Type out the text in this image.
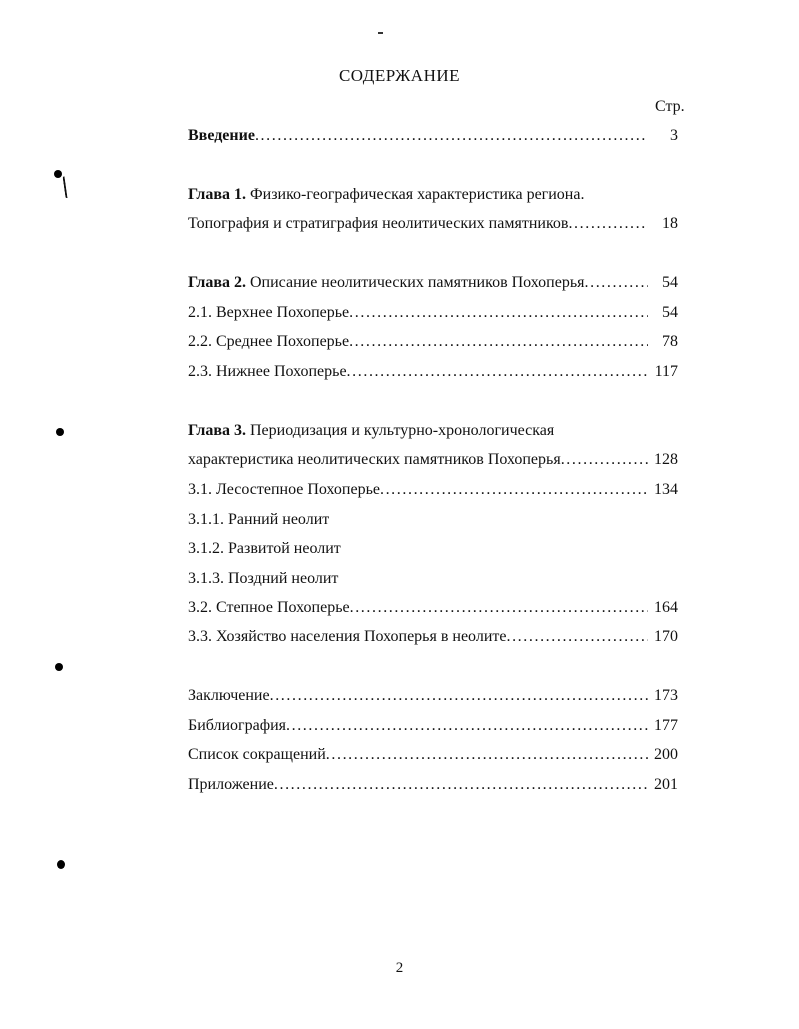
СОДЕРЖАНИЕ
Стр.
Введение . . .	3
Глава 1. Физико-географическая характеристика региона.
Топография и стратиграфия неолитических памятников . . .	18
Глава 2. Описание неолитических памятников Похоперья . . .	54
2.1. Верхнее Похоперье . . .	54
2.2. Среднее Похоперье . . .	78
2.3. Нижнее Похоперье . . .	117
Глава 3. Периодизация и культурно-хронологическая
характеристика неолитических памятников Похоперья . . .	128
3.1. Лесостепное Похоперье . . .	134
3.1.1. Ранний неолит
3.1.2. Развитой неолит
3.1.3. Поздний неолит
3.2. Степное Похоперье . . .	164
3.3. Хозяйство населения Похоперья в неолите . . .	170
Заключение . . .	173
Библиография . . .	177
Список сокращений . . .	200
Приложение . . .	201
2
